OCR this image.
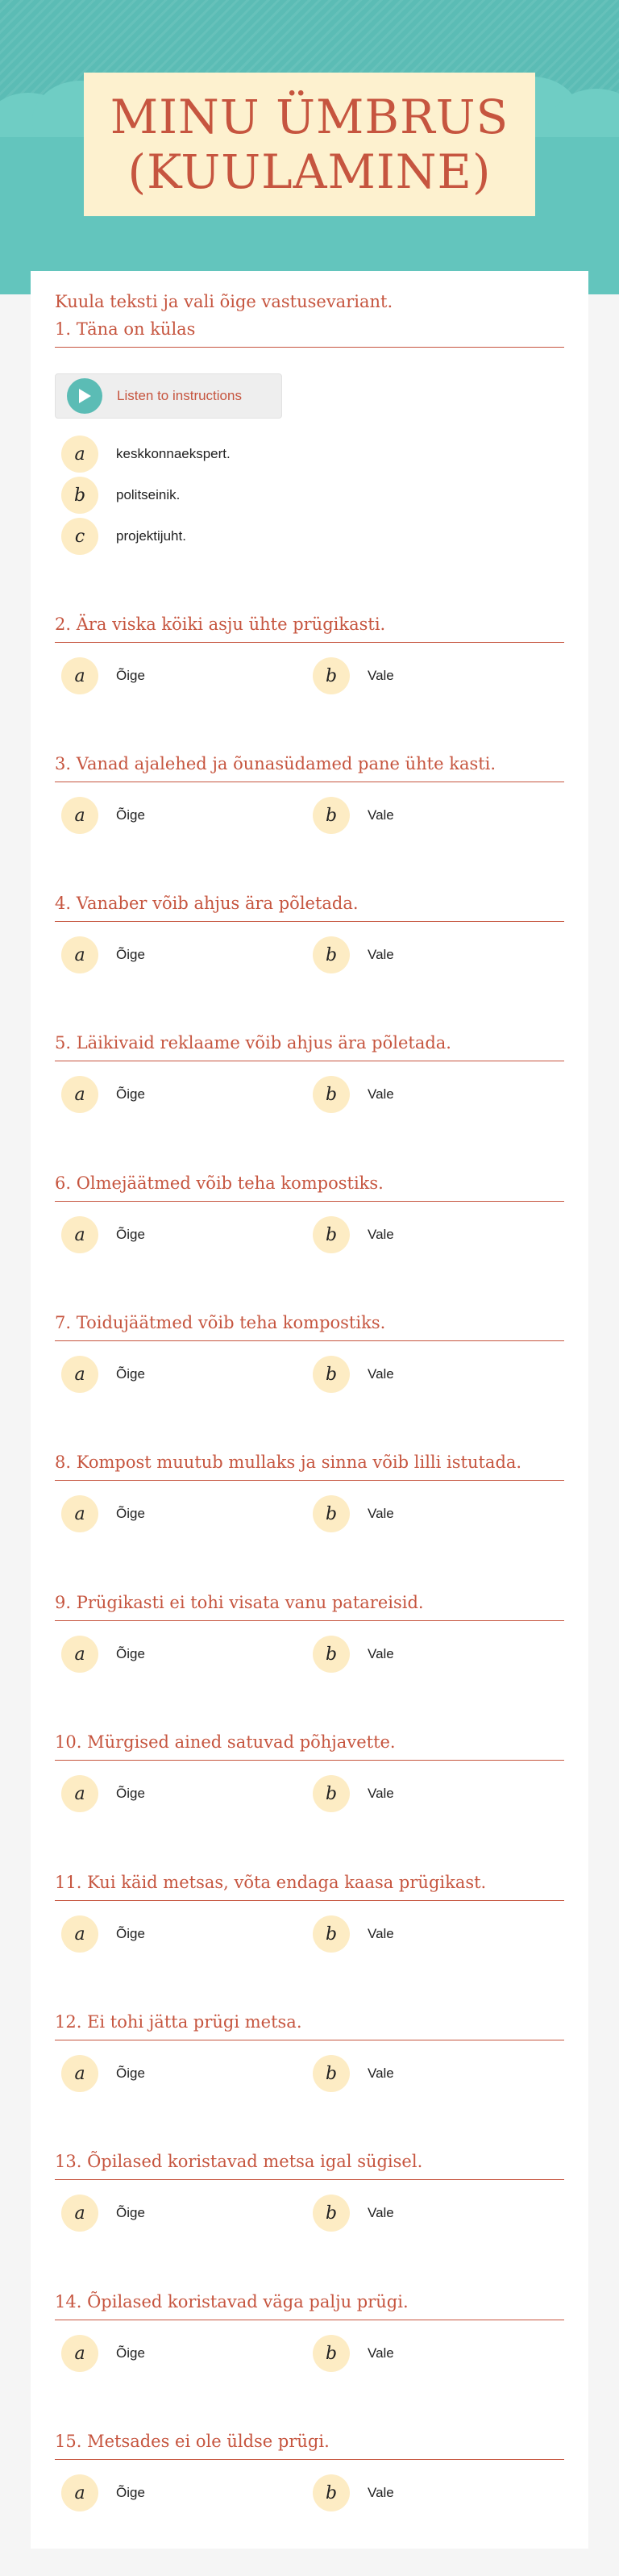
MINU ÜMBRUS
(KUULAMINE)
Kuula teksti ja vali õige vastusevariant.
Listen to instructions
1. Täna on külas
a	keskkonnaekspert.
b	politseinik.
c	projektijuht.
2. Ära viska köiki asju ühte prügikasti.
a	Õige	b	Vale
3. Vanad ajalehed ja õunasüdamed pane ühte kasti.
a	Õige	b	Vale
4. Vanaber võib ahjus ära põletada.
a	Õige	b	Vale
5. Läikivaid reklaame võib ahjus ära põletada.
a	Õige	b	Vale
6. Olmejäätmed võib teha kompostiks.
a	Õige	b	Vale
7. Toidujäätmed võib teha kompostiks.
a	Õige	b	Vale
8. Kompost muutub mullaks ja sinna võib lilli istutada.
a	Õige	b	Vale
9. Prügikasti ei tohi visata vanu patareisid.
a	Õige	b	Vale
10. Mürgised ained satuvad põhjavette.
a	Õige	b	Vale
11. Kui käid metsas, võta endaga kaasa prügikast.
a	Õige	b	Vale
12. Ei tohi jätta prügi metsa.
a	Õige	b	Vale
13. Õpilased koristavad metsa igal sügisel.
a	Õige	b	Vale
14. Õpilased koristavad väga palju prügi.
a	Õige	b	Vale
15. Metsades ei ole üldse prügi.
a	Õige	b	Vale
